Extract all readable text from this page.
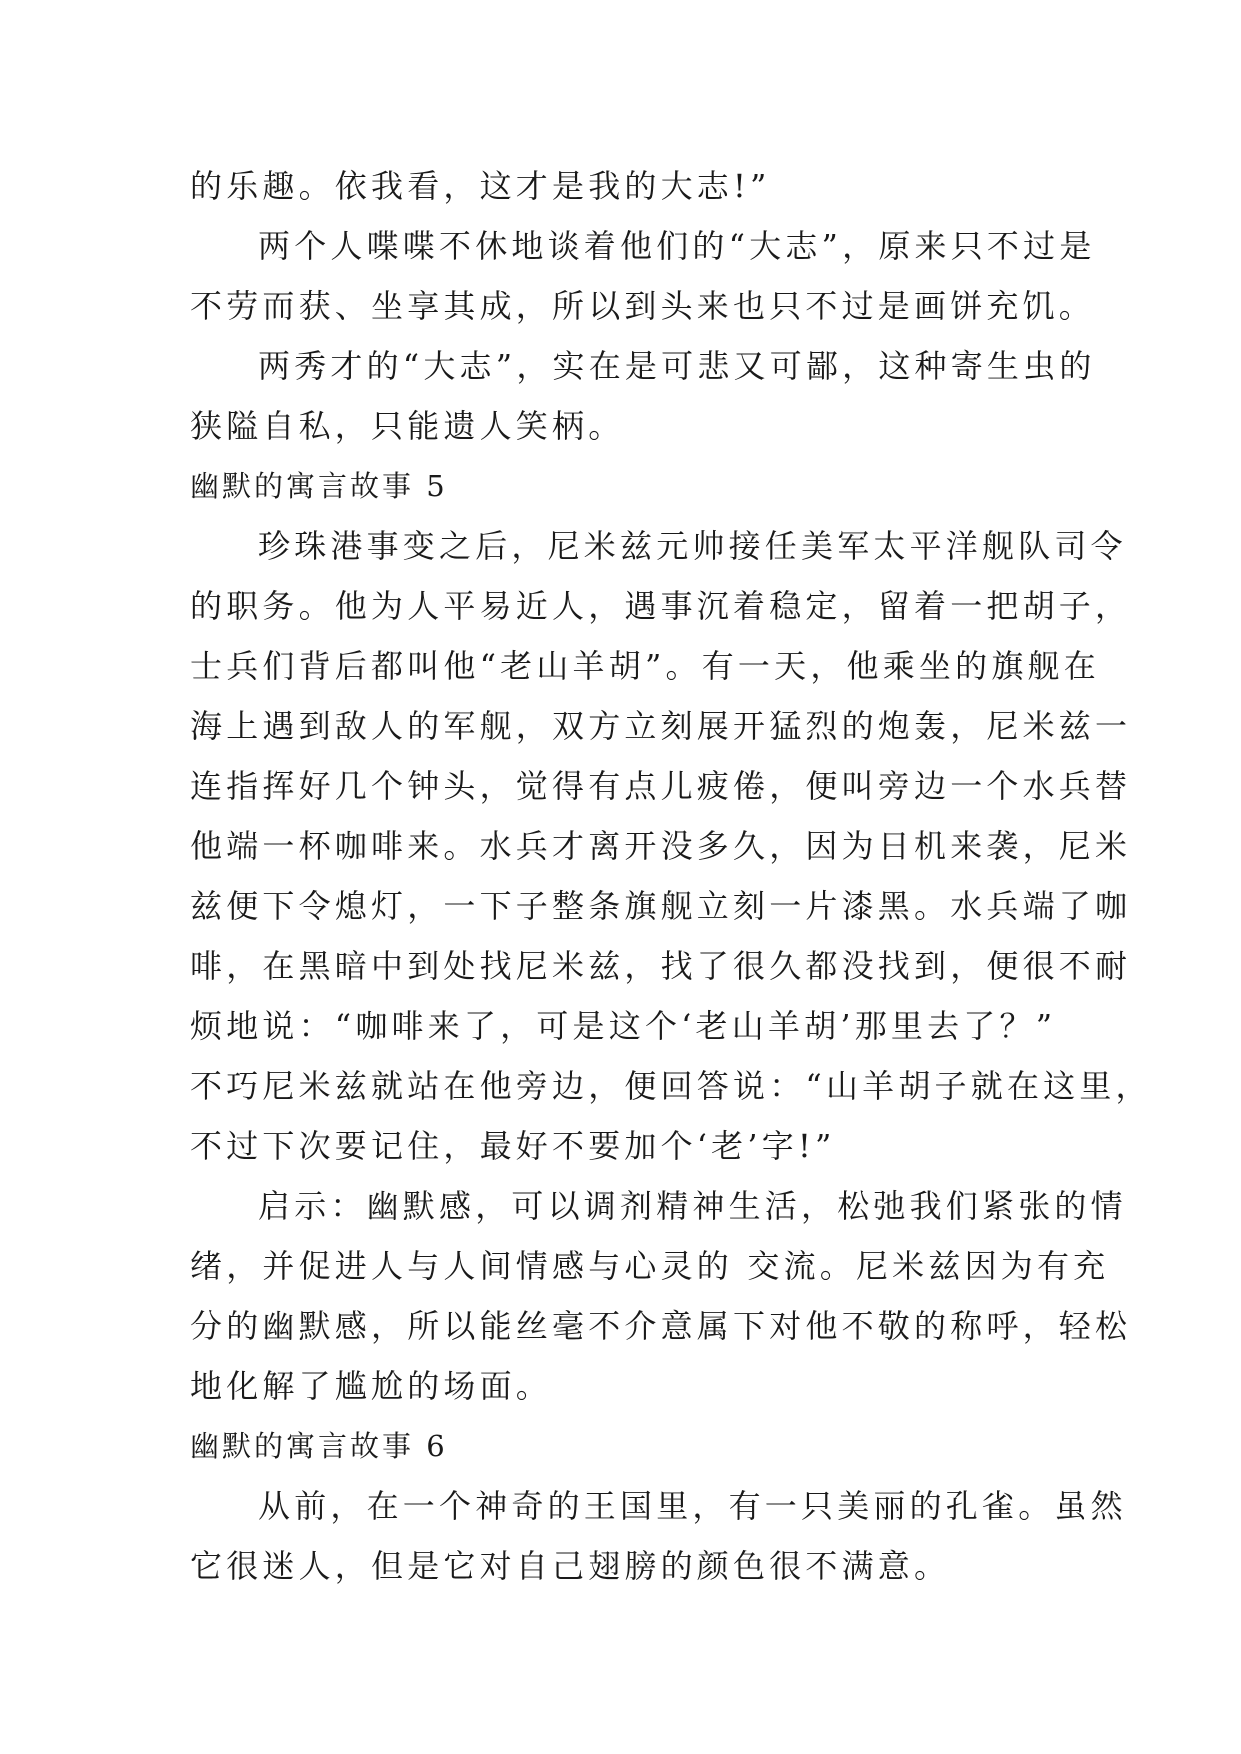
的乐趣。依我看，这才是我的大志!”
两个人喋喋不休地谈着他们的“大志”，原来只不过是
不劳而获、坐享其成，所以到头来也只不过是画饼充饥。
两秀才的“大志”，实在是可悲又可鄙，这种寄生虫的
狭隘自私，只能遗人笑柄。
幽默的寓言故事 5
珍珠港事变之后，尼米兹元帅接任美军太平洋舰队司令
的职务。他为人平易近人，遇事沉着稳定，留着一把胡子，
士兵们背后都叫他“老山羊胡”。有一天，他乘坐的旗舰在
海上遇到敌人的军舰，双方立刻展开猛烈的炮轰，尼米兹一
连指挥好几个钟头，觉得有点儿疲倦，便叫旁边一个水兵替
他端一杯咖啡来。水兵才离开没多久，因为日机来袭，尼米
兹便下令熄灯，一下子整条旗舰立刻一片漆黑。水兵端了咖
啡，在黑暗中到处找尼米兹，找了很久都没找到，便很不耐
烦地说：“咖啡来了，可是这个‘老山羊胡’那里去了？”
不巧尼米兹就站在他旁边，便回答说：“山羊胡子就在这里，
不过下次要记住，最好不要加个‘老’字!”
启示：幽默感，可以调剂精神生活，松弛我们紧张的情
绪，并促进人与人间情感与心灵的 交流。尼米兹因为有充
分的幽默感，所以能丝毫不介意属下对他不敬的称呼，轻松
地化解了尴尬的场面。
幽默的寓言故事 6
从前，在一个神奇的王国里，有一只美丽的孔雀。虽然
它很迷人，但是它对自己翅膀的颜色很不满意。
